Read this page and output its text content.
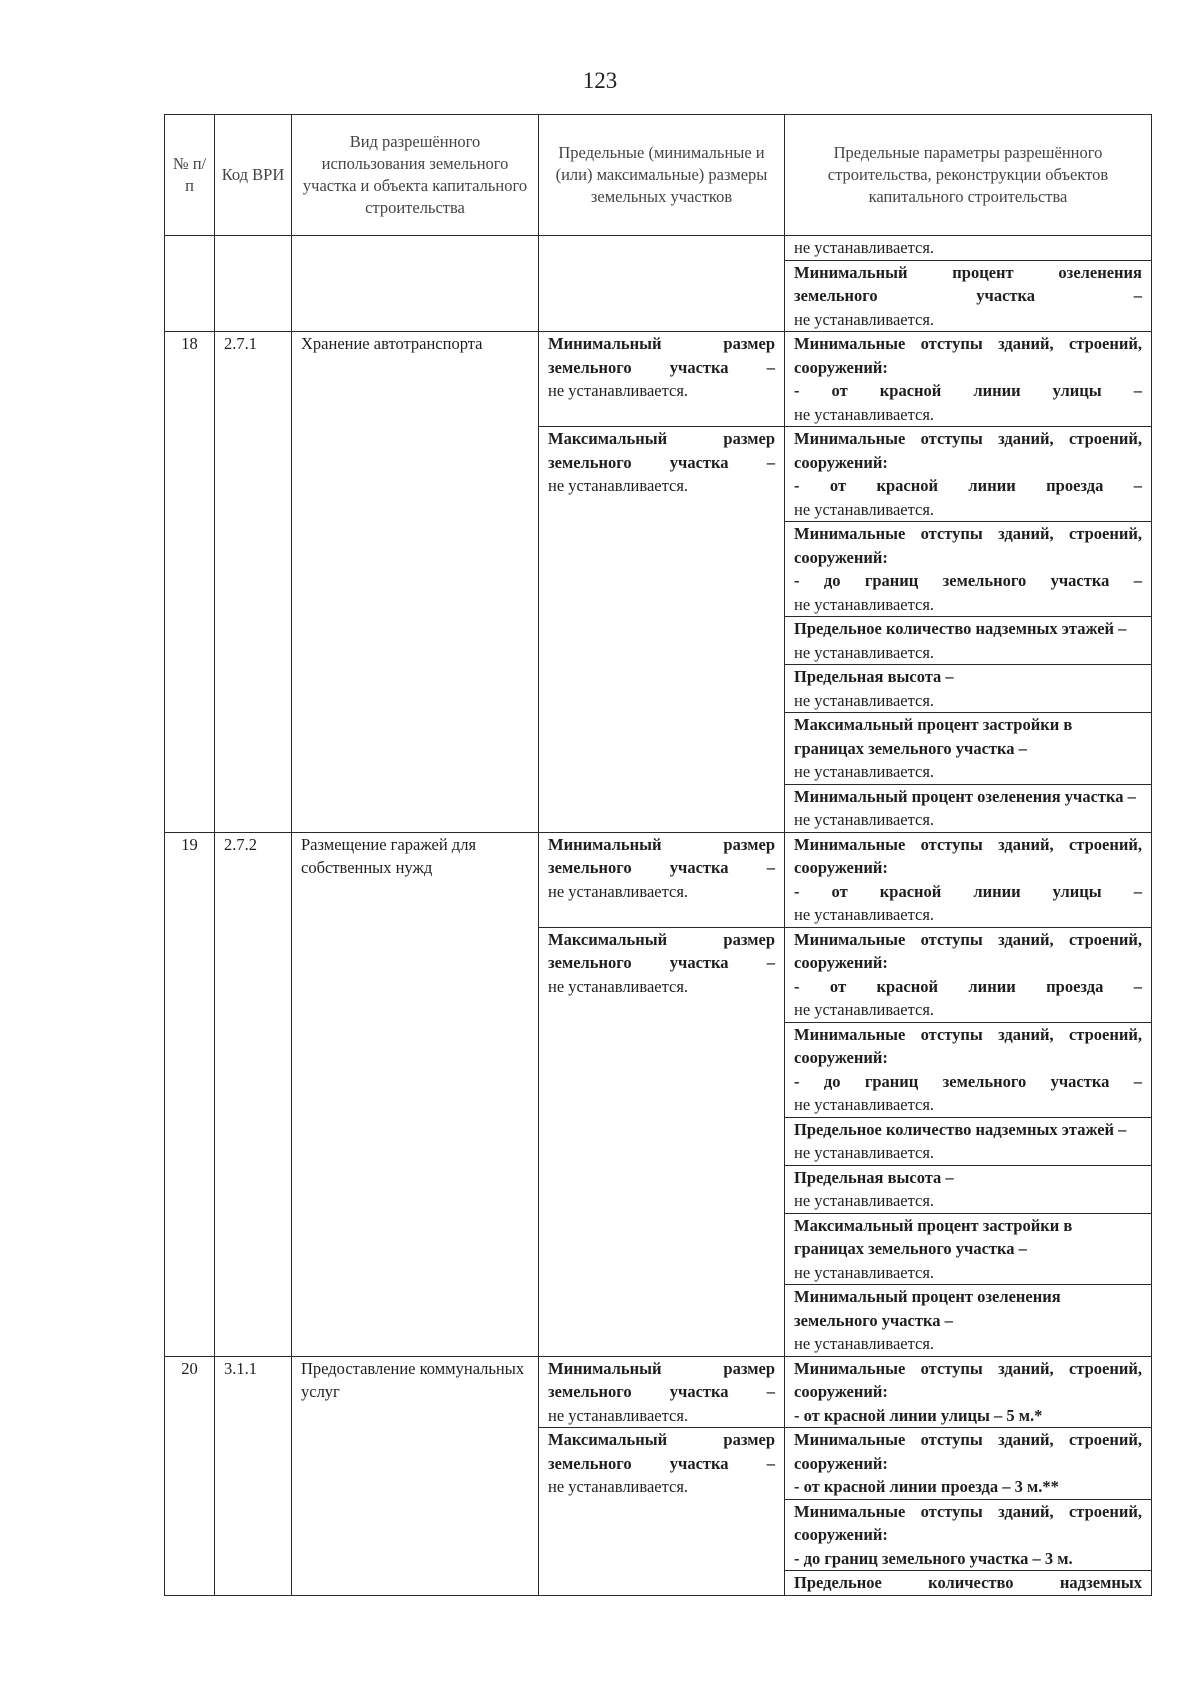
123
№ п/п	Код ВРИ	Вид разрешённого использования земельного участка и объекта капитального строительства	Предельные (минимальные и (или) максимальные) размеры земельных участков	Предельные параметры разрешённого строительства, реконструкции объектов капитального строительства
				не устанавливается.

				Минимальный процент озеленения земельного участка –
не устанавливается.
18	2.7.1	Хранение автотранспорта	Минимальный размер земельного участка –
не устанавливается.	Минимальные отступы зданий, строений, сооружений:
- от красной линии улицы –
не устанавливается.

			Максимальный размер земельного участка –
не устанавливается.	Минимальные отступы зданий, строений, сооружений:
- от красной линии проезда –
не устанавливается.

				Минимальные отступы зданий, строений, сооружений:
- до границ земельного участка –
не устанавливается.
				Предельное количество надземных этажей – не устанавливается.

				Предельная высота –
не устанавливается.
				Максимальный процент застройки в границах земельного участка –
не устанавливается.
				Минимальный процент озеленения участка – не устанавливается.
19	2.7.2	Размещение гаражей для собственных нужд	Минимальный размер земельного участка –
не устанавливается.	Минимальные отступы зданий, строений, сооружений:
- от красной линии улицы –
не устанавливается.

			Максимальный размер земельного участка –
не устанавливается.	Минимальные отступы зданий, строений, сооружений:
- от красной линии проезда –
не устанавливается.

				Минимальные отступы зданий, строений, сооружений:
- до границ земельного участка –
не устанавливается.
				Предельное количество надземных этажей – не устанавливается.

				Предельная высота –
не устанавливается.
				Максимальный процент застройки в границах земельного участка –
не устанавливается.
				Минимальный процент озеленения земельного участка –
не устанавливается.
20	3.1.1	Предоставление коммунальных услуг	Минимальный размер земельного участка –
не устанавливается.	Минимальные отступы зданий, строений, сооружений:
- от красной линии улицы – 5 м.*

			Максимальный размер земельного участка –
не устанавливается.	Минимальные отступы зданий, строений, сооружений:
- от красной линии проезда – 3 м.**

				Минимальные отступы зданий, строений, сооружений:
- до границ земельного участка – 3 м.

				Предельное количество надземных
